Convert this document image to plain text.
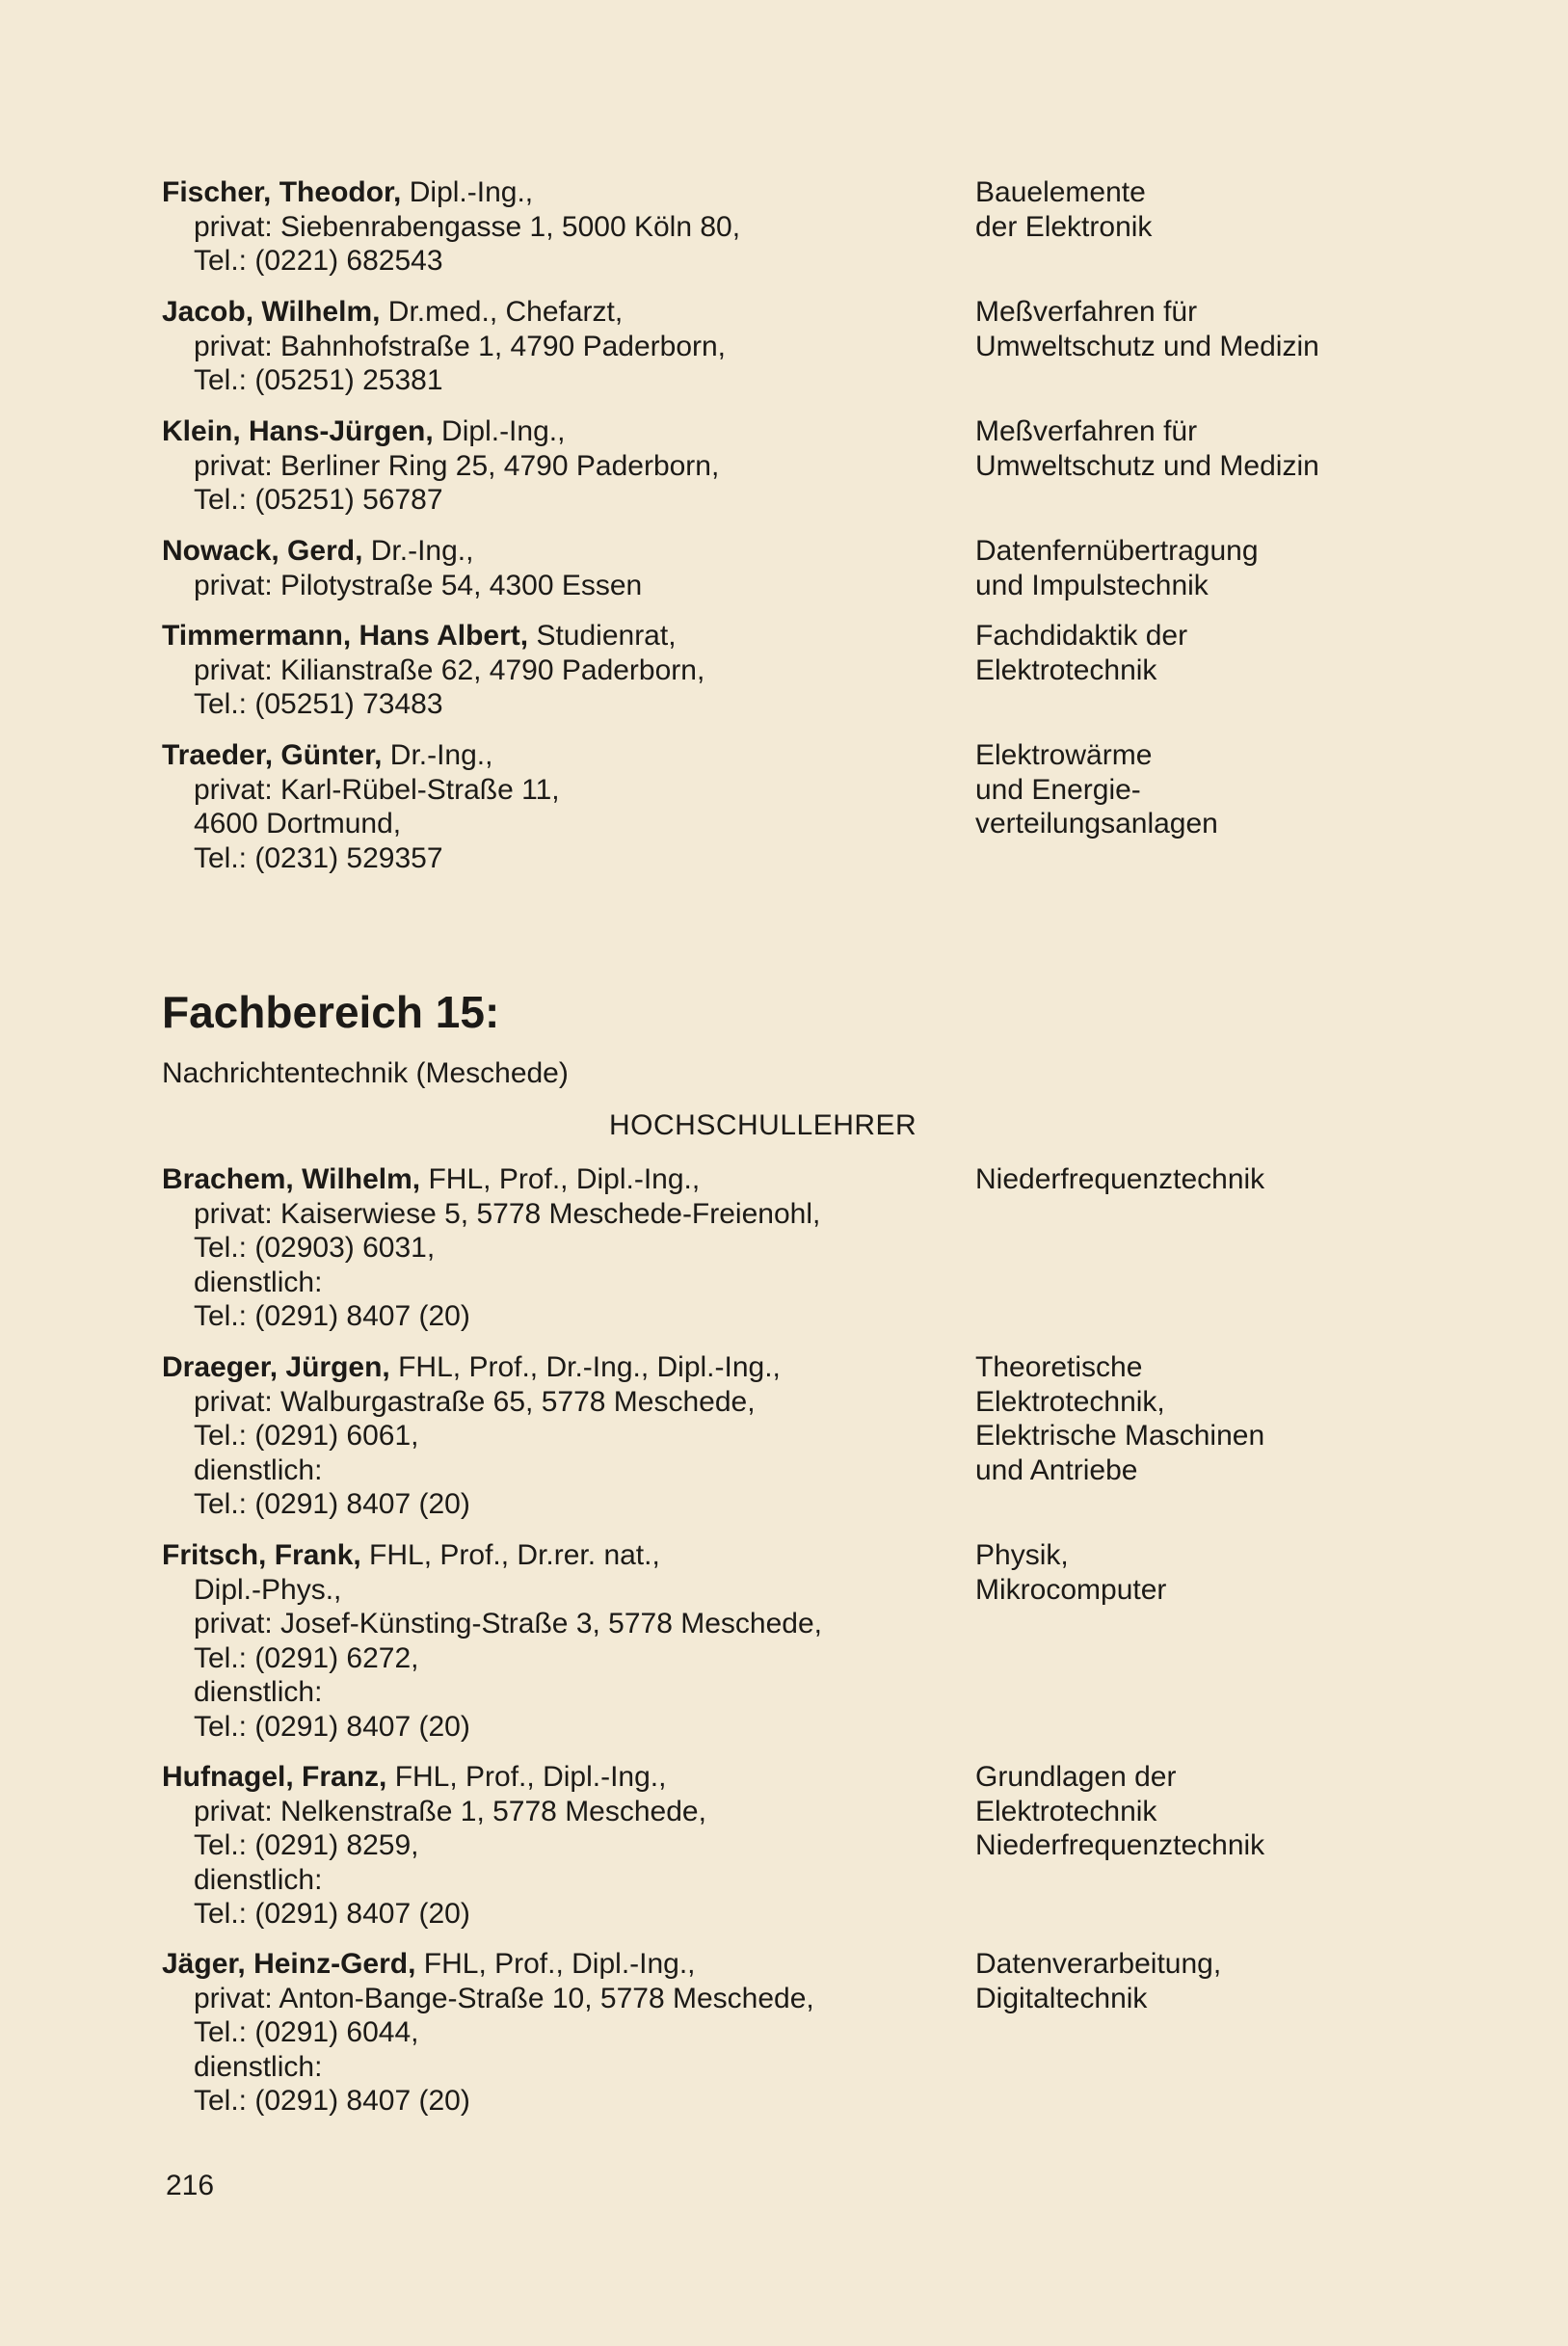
Fischer, Theodor, Dipl.-Ing.,
privat: Siebenrabengasse 1, 5000 Köln 80,
Tel.: (0221) 682543
Bauelemente
der Elektronik
Jacob, Wilhelm, Dr.med., Chefarzt,
privat: Bahnhofstraße 1, 4790 Paderborn,
Tel.: (05251) 25381
Meßverfahren für
Umweltschutz und Medizin
Klein, Hans-Jürgen, Dipl.-Ing.,
privat: Berliner Ring 25, 4790 Paderborn,
Tel.: (05251) 56787
Meßverfahren für
Umweltschutz und Medizin
Nowack, Gerd, Dr.-Ing.,
privat: Pilotystraße 54, 4300 Essen
Datenfernübertragung
und Impulstechnik
Timmermann, Hans Albert, Studienrat,
privat: Kilianstraße 62, 4790 Paderborn,
Tel.: (05251) 73483
Fachdidaktik der
Elektrotechnik
Traeder, Günter, Dr.-Ing.,
privat: Karl-Rübel-Straße 11,
4600 Dortmund,
Tel.: (0231) 529357
Elektrowärme
und Energie-
verteilungsanlagen
Fachbereich 15:
Nachrichtentechnik (Meschede)
HOCHSCHULLEHRER
Brachem, Wilhelm, FHL, Prof., Dipl.-Ing.,
privat: Kaiserwiese 5, 5778 Meschede-Freienohl,
Tel.: (02903) 6031,
dienstlich:
Tel.: (0291) 8407 (20)
Niederfrequenztechnik
Draeger, Jürgen, FHL, Prof., Dr.-Ing., Dipl.-Ing.,
privat: Walburgastraße 65, 5778 Meschede,
Tel.: (0291) 6061,
dienstlich:
Tel.: (0291) 8407 (20)
Theoretische
Elektrotechnik,
Elektrische Maschinen
und Antriebe
Fritsch, Frank, FHL, Prof., Dr.rer. nat.,
Dipl.-Phys.,
privat: Josef-Künsting-Straße 3, 5778 Meschede,
Tel.: (0291) 6272,
dienstlich:
Tel.: (0291) 8407 (20)
Physik,
Mikrocomputer
Hufnagel, Franz, FHL, Prof., Dipl.-Ing.,
privat: Nelkenstraße 1, 5778 Meschede,
Tel.: (0291) 8259,
dienstlich:
Tel.: (0291) 8407 (20)
Grundlagen der
Elektrotechnik
Niederfrequenztechnik
Jäger, Heinz-Gerd, FHL, Prof., Dipl.-Ing.,
privat: Anton-Bange-Straße 10, 5778 Meschede,
Tel.: (0291) 6044,
dienstlich:
Tel.: (0291) 8407 (20)
Datenverarbeitung,
Digitaltechnik
216
